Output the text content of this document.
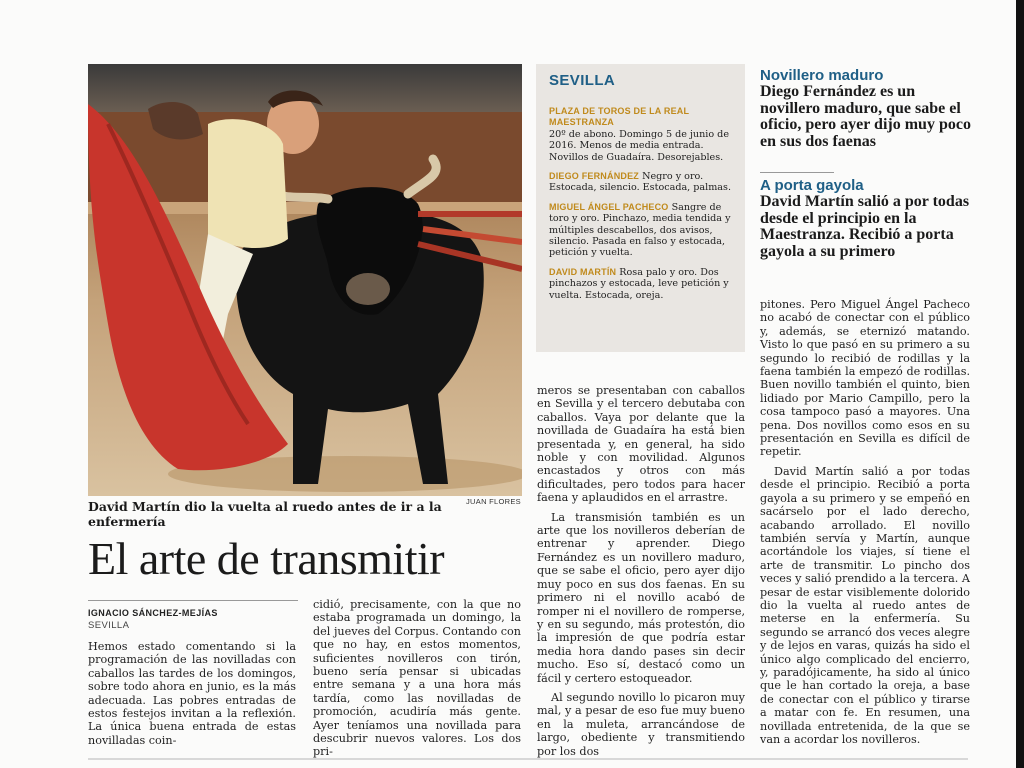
David Martín dio la vuelta al ruedo antes de ir a la enfermería
JUAN FLORES
El arte de transmitir
IGNACIO SÁNCHEZ-MEJÍAS
SEVILLA

Hemos estado comentando si la programación de las novilladas con caballos las tardes de los domingos, sobre todo ahora en junio, es la más adecuada. Las pobres entradas de estos festejos invitan a la reflexión. La única buena entrada de estas novilladas coin-

cidió, precisamente, con la que no estaba programada un domingo, la del jueves del Corpus. Contando con que no hay, en estos momentos, suficientes novilleros con tirón, bueno sería pensar si ubicadas entre semana y a una hora más tardía, como las novilladas de promoción, acudiría más gente. Ayer teníamos una novillada para descubrir nuevos valores. Los dos pri-

meros se presentaban con caballos en Sevilla y el tercero debutaba con caballos. Vaya por delante que la novillada de Guadaíra ha está bien presentada y, en general, ha sido noble y con movilidad. Algunos encastados y otros con más dificultades, pero todos para hacer faena y aplaudidos en el arrastre.

La transmisión también es un arte que los novilleros deberían de entrenar y aprender. Diego Fernández es un novillero maduro, que se sabe el oficio, pero ayer dijo muy poco en sus dos faenas. En su primero ni el novillo acabó de romper ni el novillero de romperse, y en su segundo, más protestón, dio la impresión de que podría estar media hora dando pases sin decir mucho. Eso sí, destacó como un fácil y certero estoqueador.

Al segundo novillo lo picaron muy mal, y a pesar de eso fue muy bueno en la muleta, arrancándose de largo, obediente y transmitiendo por los dos

pitones. Pero Miguel Ángel Pacheco no acabó de conectar con el público y, además, se eternizó matando. Visto lo que pasó en su primero a su segundo lo recibió de rodillas y la faena también la empezó de rodillas. Buen novillo también el quinto, bien lidiado por Mario Campillo, pero la cosa tampoco pasó a mayores. Una pena. Dos novillos como esos en su presentación en Sevilla es difícil de repetir.

David Martín salió a por todas desde el principio. Recibió a porta gayola a su primero y se empeñó en sacárselo por el lado derecho, acabando arrollado. El novillo también servía y Martín, aunque acortándole los viajes, sí tiene el arte de transmitir. Lo pincho dos veces y salió prendido a la tercera. A pesar de estar visiblemente dolorido dio la vuelta al ruedo antes de meterse en la enfermería. Su segundo se arrancó dos veces alegre y de lejos en varas, quizás ha sido el único algo complicado del encierro, y, paradójicamente, ha sido al único que le han cortado la oreja, a base de conectar con el público y tirarse a matar con fe. En resumen, una novillada entretenida, de la que se van a acordar los novilleros.

SEVILLA
PLAZA DE TOROS DE LA REAL MAESTRANZA
20º de abono. Domingo 5 de junio de 2016. Menos de media entrada. Novillos de Guadaíra. Desorejables.
DIEGO FERNÁNDEZ Negro y oro. Estocada, silencio. Estocada, palmas.
MIGUEL ÁNGEL PACHECO Sangre de toro y oro. Pinchazo, media tendida y múltiples descabellos, dos avisos, silencio. Pasada en falso y estocada, petición y vuelta.
DAVID MARTÍN Rosa palo y oro. Dos pinchazos y estocada, leve petición y vuelta. Estocada, oreja.
Novillero maduro
Diego Fernández es un novillero maduro, que sabe el oficio, pero ayer dijo muy poco en sus dos faenas
A porta gayola
David Martín salió a por todas desde el principio en la Maestranza. Recibió a porta gayola a su primero
